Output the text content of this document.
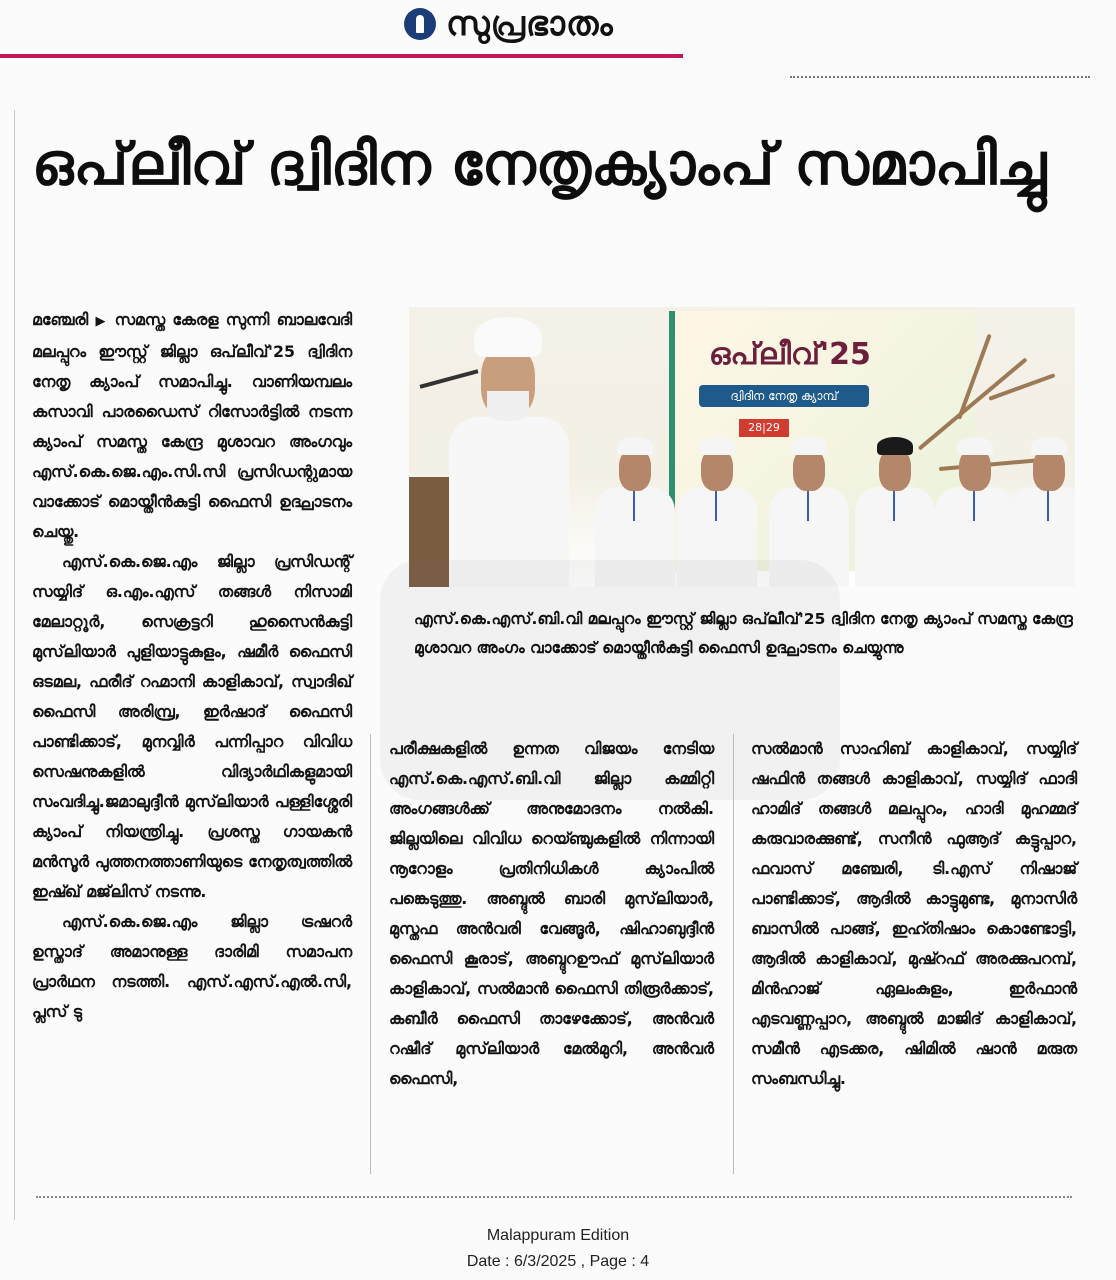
സുപ്രഭാതം
ഒപ്‌ലീവ് ദ്വിദിന നേതൃക്യാംപ് സമാപിച്ചു
ഒപ്‌ലീവ്'25
ദ്വിദിന നേതൃ ക്യാമ്പ്
28|29

എസ്.കെ.എസ്.ബി.വി മലപ്പുറം ഈസ്റ്റ് ജില്ലാ ഒപ്‌ലീവ്'25 ദ്വിദിന നേതൃ ക്യാംപ് സമസ്ത കേന്ദ്ര മുശാവറ അംഗം വാക്കോട് മൊയ്തീൻകുട്ടി ഫൈസി ഉദ്ഘാടനം ചെയ്യുന്നു

മഞ്ചേരി ▶ സമസ്ത കേരള സുന്നി ബാലവേദി മലപ്പുറം ഈസ്റ്റ് ജില്ലാ ഒപ്‌ലീവ്'25 ദ്വിദിന നേതൃ ക്യാംപ് സമാപിച്ചു. വാണിയമ്പലം കസാവി പാരഡൈസ് റിസോർട്ടിൽ നടന്ന ക്യാംപ് സമസ്ത കേന്ദ്ര മുശാവറ അംഗവും എസ്.കെ.ജെ.എം.സി.സി പ്രസിഡന്റുമായ വാക്കോട് മൊയ്തീൻകുട്ടി ഫൈസി ഉദ്ഘാടനം ചെയ്തു.

എസ്.കെ.ജെ.എം ജില്ലാ പ്രസിഡന്റ് സയ്യിദ് ഒ.എം.എസ് തങ്ങൾ നിസാമി മേലാറ്റൂർ, സെക്രട്ടറി ഹുസൈൻകുട്ടി മുസ്‌ലിയാർ പുളിയാട്ടുകുളം, ഷമീർ ഫൈസി ഒടമല, ഫരീദ് റഹ്മാനി കാളികാവ്, സ്വാദിഖ് ഫൈസി അരിമ്പ്ര, ഇർഷാദ് ഫൈസി പാണ്ടിക്കാട്, മുനവ്വിർ പന്നിപ്പാറ വിവിധ സെഷനുകളിൽ വിദ്യാർഥികളുമായി സംവദിച്ചു.ജമാലുദ്ദീൻ മുസ്‌ലിയാർ പള്ളിശ്ശേരി ക്യാംപ് നിയന്ത്രിച്ചു. പ്രശസ്ത ഗായകൻ മൻസൂർ പുത്തനത്താണിയുടെ നേതൃത്വത്തിൽ ഇഷ്ഖ് മജ്‌ലിസ് നടന്നു.

എസ്.കെ.ജെ.എം ജില്ലാ ട്രഷറർ ഉസ്താദ് അമാനുള്ള ദാരിമി സമാപന പ്രാർഥന നടത്തി. എസ്.എസ്.എൽ.സി, പ്ലസ് ടു

പരീക്ഷകളിൽ ഉന്നത വിജയം നേടിയ എസ്.കെ.എസ്.ബി.വി ജില്ലാ കമ്മിറ്റി അംഗങ്ങൾക്ക് അനുമോദനം നൽകി. ജില്ലയിലെ വിവിധ റെയ്ഞ്ചുകളിൽ നിന്നായി നൂറോളം പ്രതിനിധികൾ ക്യാംപിൽ പങ്കെടുത്തു. അബ്ദുൽ ബാരി മുസ്‌ലിയാർ, മുസ്തഫ അൻവരി വേങ്ങൂർ, ഷിഹാബുദ്ദീൻ ഫൈസി കൂരാട്, അബ്ദുറഊഫ് മുസ്‌ലിയാർ കാളികാവ്, സൽമാൻ ഫൈസി തിരൂർക്കാട്, കബീർ ഫൈസി താഴേക്കോട്, അൻവർ റഷീദ് മുസ്‌ലിയാർ മേൽമുറി, അൻവർ ഫൈസി,

സൽമാൻ സാഹിബ് കാളികാവ്, സയ്യിദ് ഷഫിൻ തങ്ങൾ കാളികാവ്, സയ്യിദ് ഫാദി ഹാമിദ് തങ്ങൾ മലപ്പുറം, ഹാദി മുഹമ്മദ് കരുവാരക്കുണ്ട്, സനീൻ ഫുആദ് കട്ടുപ്പാറ, ഫവാസ് മഞ്ചേരി, ടി.എസ് നിഷാജ് പാണ്ടിക്കാട്, ആദിൽ കാട്ടുമുണ്ട, മുനാസിർ ബാസിൽ പാങ്ങ്, ഇഹ്തിഷാം കൊണ്ടോട്ടി, ആദിൽ കാളികാവ്, മുഷ്റഫ് അരക്കുപറമ്പ്, മിൻഹാജ് ഏലംകുളം, ഇർഫാൻ എടവണ്ണപ്പാറ, അബ്ദുൽ മാജിദ് കാളികാവ്, സമീൻ എടക്കര, ഷിമിൽ ഷാൻ മരുത സംബന്ധിച്ചു.

Malappuram Edition
Date : 6/3/2025 , Page : 4
